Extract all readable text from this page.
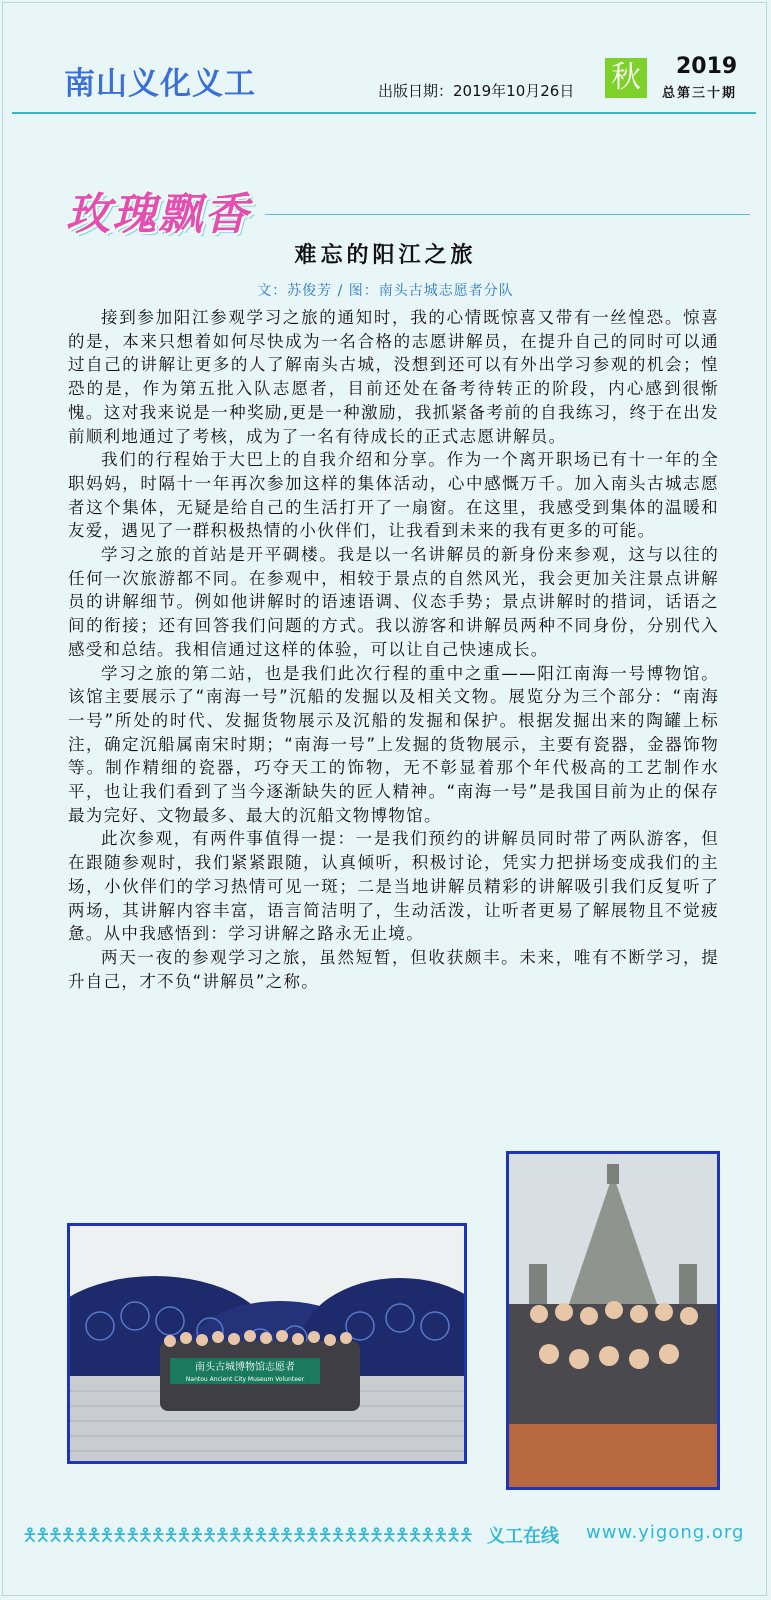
南山义化义工	出版日期：2019年10月26日 秋 2019
总第三十期
玫瑰飘香
难忘的阳江之旅
文：苏俊芳 / 图：南头古城志愿者分队

接到参加阳江参观学习之旅的通知时，我的心情既惊喜又带有一丝惶恐。惊喜的是，本来只想着如何尽快成为一名合格的志愿讲解员，在提升自己的同时可以通过自己的讲解让更多的人了解南头古城，没想到还可以有外出学习参观的机会；惶恐的是，作为第五批入队志愿者，目前还处在备考待转正的阶段，内心感到很惭愧。这对我来说是一种奖励,更是一种激励，我抓紧备考前的自我练习，终于在出发前顺利地通过了考核，成为了一名有待成长的正式志愿讲解员。

我们的行程始于大巴上的自我介绍和分享。作为一个离开职场已有十一年的全职妈妈，时隔十一年再次参加这样的集体活动，心中感慨万千。加入南头古城志愿者这个集体，无疑是给自己的生活打开了一扇窗。在这里，我感受到集体的温暖和友爱，遇见了一群积极热情的小伙伴们，让我看到未来的我有更多的可能。

学习之旅的首站是开平碉楼。我是以一名讲解员的新身份来参观，这与以往的任何一次旅游都不同。在参观中，相较于景点的自然风光，我会更加关注景点讲解员的讲解细节。例如他讲解时的语速语调、仪态手势；景点讲解时的措词，话语之间的衔接；还有回答我们问题的方式。我以游客和讲解员两种不同身份，分别代入感受和总结。我相信通过这样的体验，可以让自己快速成长。

学习之旅的第二站，也是我们此次行程的重中之重——阳江南海一号博物馆。该馆主要展示了“南海一号”沉船的发掘以及相关文物。展览分为三个部分：“南海一号”所处的时代、发掘货物展示及沉船的发掘和保护。根据发掘出来的陶罐上标注，确定沉船属南宋时期；“南海一号”上发掘的货物展示，主要有瓷器，金器饰物等。制作精细的瓷器，巧夺天工的饰物，无不彰显着那个年代极高的工艺制作水平，也让我们看到了当今逐渐缺失的匠人精神。“南海一号”是我国目前为止的保存最为完好、文物最多、最大的沉船文物博物馆。

此次参观，有两件事值得一提：一是我们预约的讲解员同时带了两队游客，但在跟随参观时，我们紧紧跟随，认真倾听，积极讨论，凭实力把拼场变成我们的主场，小伙伴们的学习热情可见一斑；二是当地讲解员精彩的讲解吸引我们反复听了两场，其讲解内容丰富，语言简洁明了，生动活泼，让听者更易了解展物且不觉疲惫。从中我感悟到：学习讲解之路永无止境。

两天一夜的参观学习之旅，虽然短暂，但收获颇丰。未来，唯有不断学习，提升自己，才不负“讲解员”之称。

南头古城博物馆志愿者
Nantou Ancient City Museum Volunteer
🯅🯅🯅🯅🯅🯅🯅🯅🯅🯅🯅🯅🯅🯅🯅🯅🯅🯅🯅🯅🯅🯅🯅🯅🯅🯅🯅🯅🯅🯅🯅🯅🯅🯅🯅 义工在线 www.yigong.org
